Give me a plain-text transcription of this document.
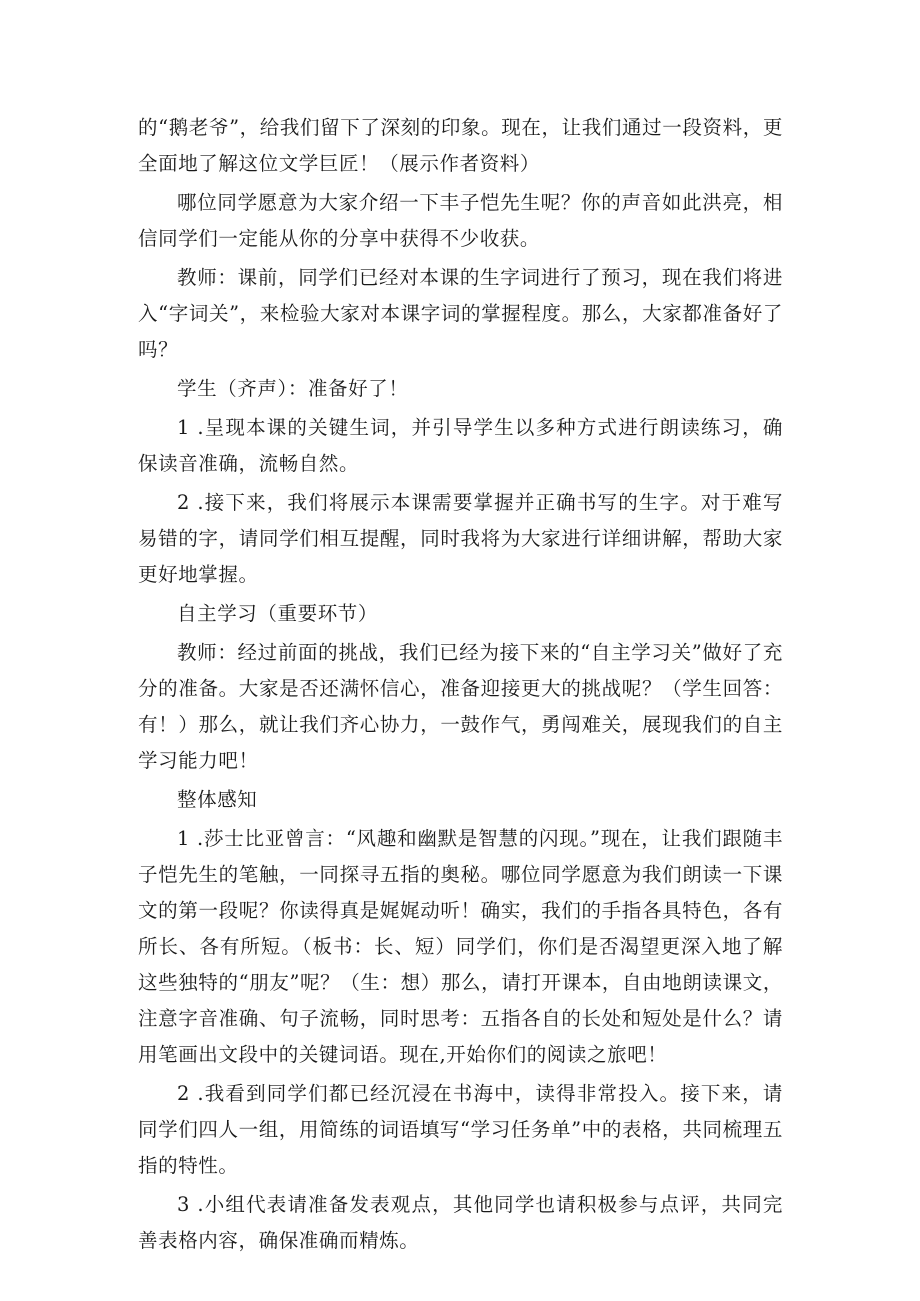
的“鹅老爷”，给我们留下了深刻的印象。现在，让我们通过一段资料，更全面地了解这位文学巨匠！（展示作者资料）

哪位同学愿意为大家介绍一下丰子恺先生呢？你的声音如此洪亮，相信同学们一定能从你的分享中获得不少收获。

教师：课前，同学们已经对本课的生字词进行了预习，现在我们将进入“字词关”，来检验大家对本课字词的掌握程度。那么，大家都准备好了吗？

学生（齐声）：准备好了！

1 .呈现本课的关键生词，并引导学生以多种方式进行朗读练习，确保读音准确，流畅自然。

2 .接下来，我们将展示本课需要掌握并正确书写的生字。对于难写易错的字，请同学们相互提醒，同时我将为大家进行详细讲解，帮助大家更好地掌握。

自主学习（重要环节）

教师：经过前面的挑战，我们已经为接下来的“自主学习关”做好了充分的准备。大家是否还满怀信心，准备迎接更大的挑战呢？（学生回答：有！）那么，就让我们齐心协力，一鼓作气，勇闯难关，展现我们的自主学习能力吧！

整体感知

1 .莎士比亚曾言：“风趣和幽默是智慧的闪现。”现在，让我们跟随丰子恺先生的笔触，一同探寻五指的奥秘。哪位同学愿意为我们朗读一下课文的第一段呢？你读得真是娓娓动听！确实，我们的手指各具特色，各有所长、各有所短。（板书：长、短）同学们，你们是否渴望更深入地了解这些独特的“朋友”呢？（生：想）那么，请打开课本，自由地朗读课文，注意字音准确、句子流畅，同时思考：五指各自的长处和短处是什么？请用笔画出文段中的关键词语。现在,开始你们的阅读之旅吧！

2 .我看到同学们都已经沉浸在书海中，读得非常投入。接下来，请同学们四人一组，用简练的词语填写“学习任务单”中的表格，共同梳理五指的特性。

3 .小组代表请准备发表观点，其他同学也请积极参与点评，共同完善表格内容，确保准确而精炼。
